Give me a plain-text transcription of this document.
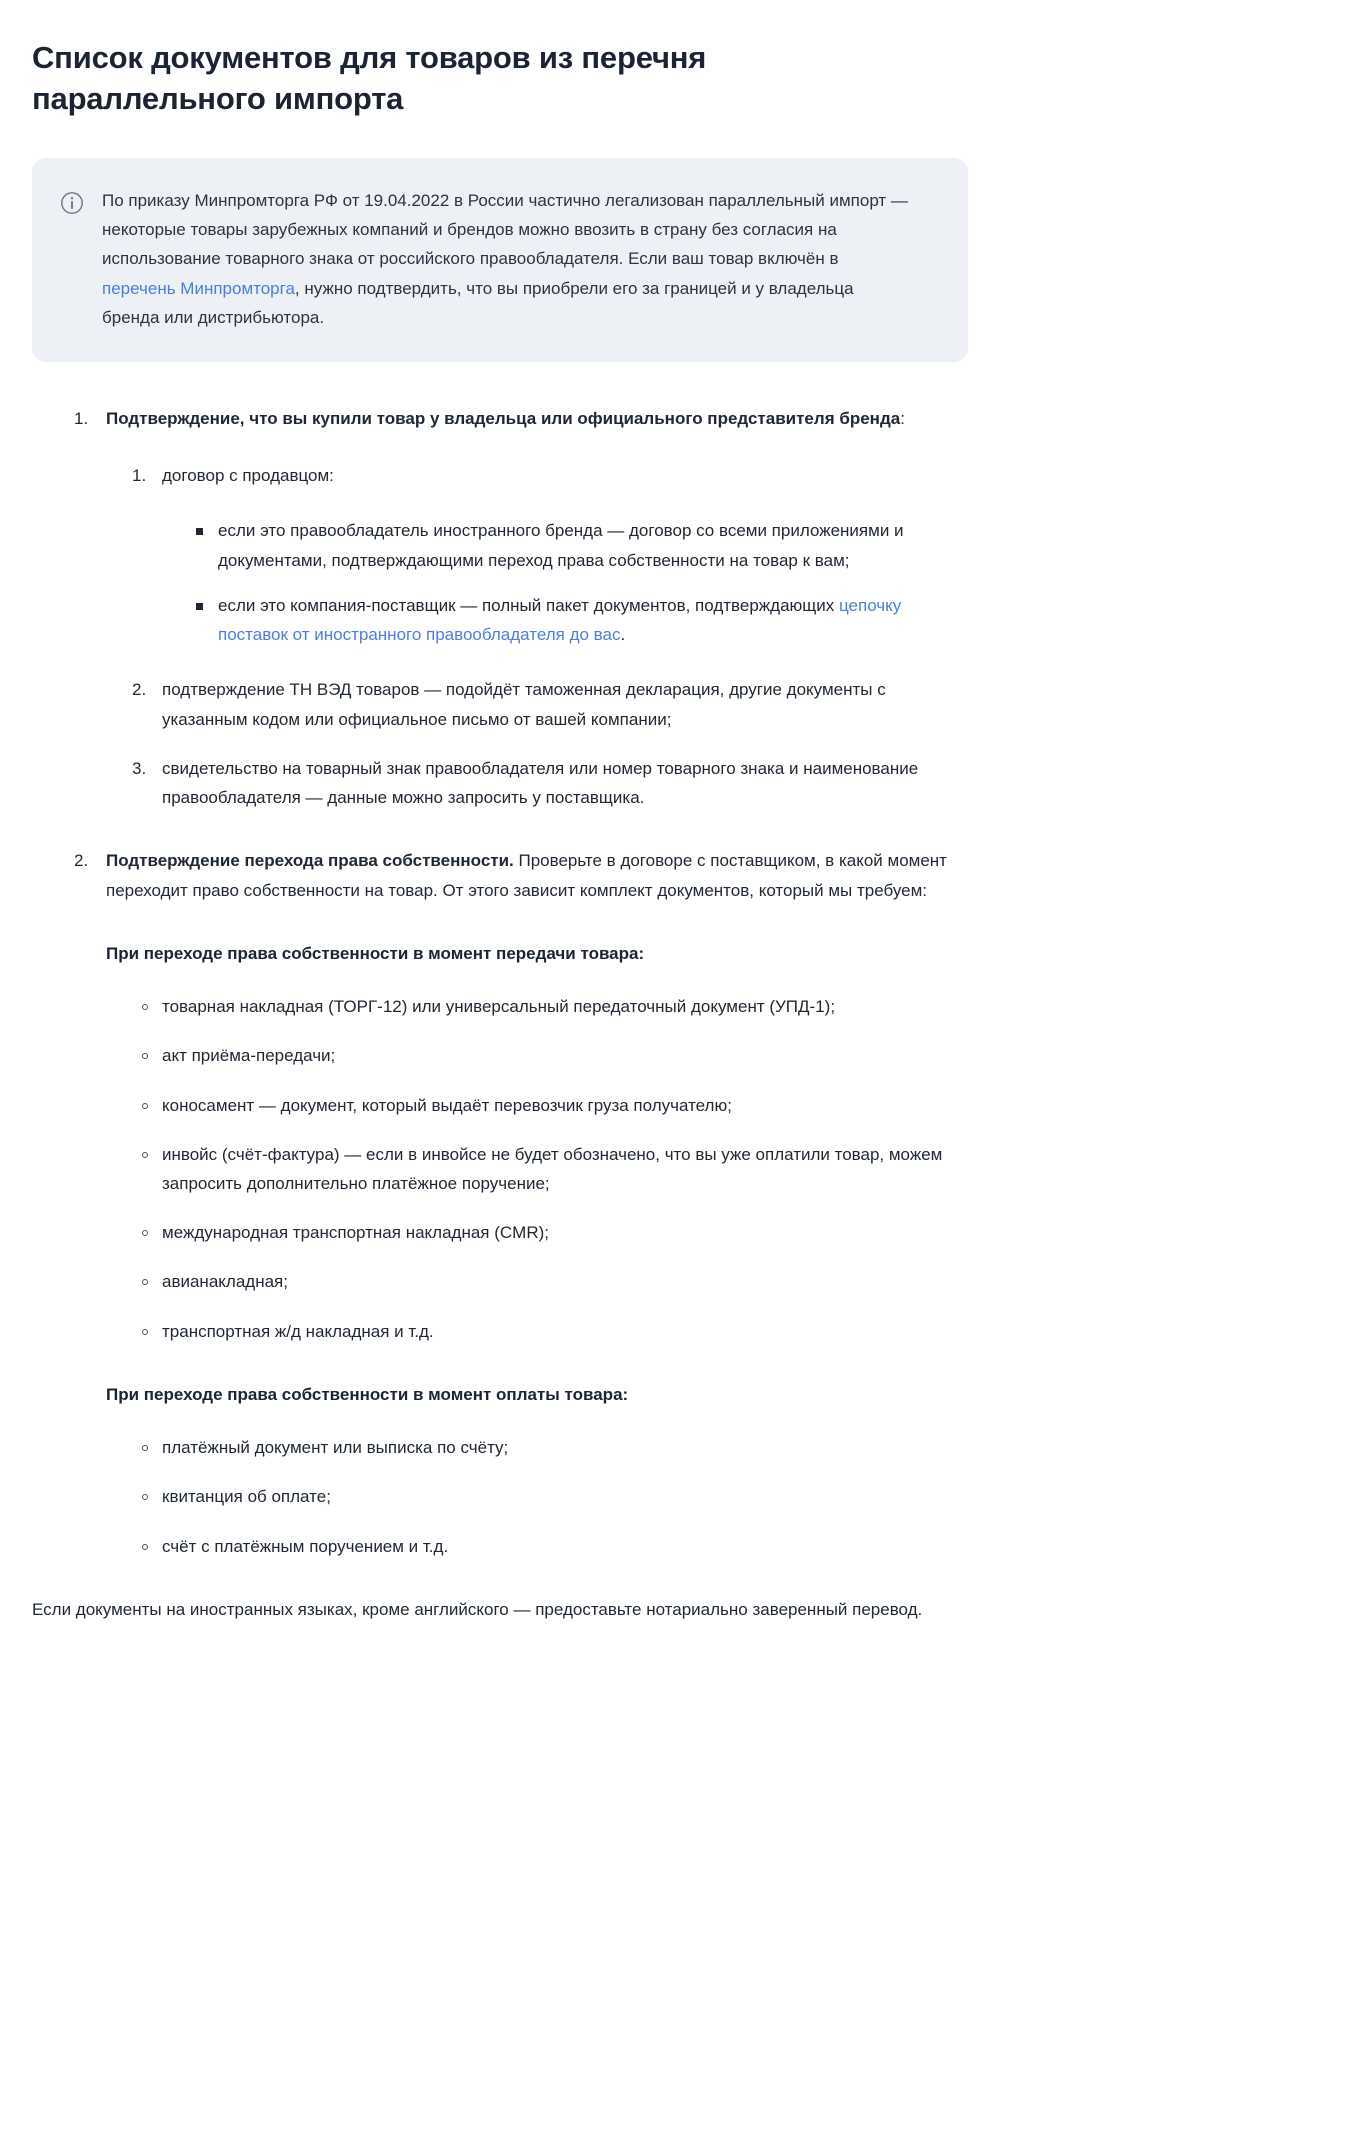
Список документов для товаров из перечня параллельного импорта
По приказу Минпромторга РФ от 19.04.2022 в России частично легализован параллельный импорт — некоторые товары зарубежных компаний и брендов можно ввозить в страну без согласия на использование товарного знака от российского правообладателя. Если ваш товар включён в перечень Минпромторга, нужно подтвердить, что вы приобрели его за границей и у владельца бренда или дистрибьютора.
Подтверждение, что вы купили товар у владельца или официального представителя бренда:
договор с продавцом:
если это правообладатель иностранного бренда — договор со всеми приложениями и документами, подтверждающими переход права собственности на товар к вам;
если это компания-поставщик — полный пакет документов, подтверждающих цепочку поставок от иностранного правообладателя до вас.
подтверждение ТН ВЭД товаров — подойдёт таможенная декларация, другие документы с указанным кодом или официальное письмо от вашей компании;
свидетельство на товарный знак правообладателя или номер товарного знака и наименование правообладателя — данные можно запросить у поставщика.
Подтверждение перехода права собственности. Проверьте в договоре с поставщиком, в какой момент переходит право собственности на товар. От этого зависит комплект документов, который мы требуем:

При переходе права собственности в момент передачи товара:

товарная накладная (ТОРГ-12) или универсальный передаточный документ (УПД-1);
акт приёма-передачи;
коносамент — документ, который выдаёт перевозчик груза получателю;
инвойс (счёт-фактура) — если в инвойсе не будет обозначено, что вы уже оплатили товар, можем запросить дополнительно платёжное поручение;
международная транспортная накладная (CMR);
авианакладная;
транспортная ж/д накладная и т.д.

При переходе права собственности в момент оплаты товара:

платёжный документ или выписка по счёту;
квитанция об оплате;
счёт с платёжным поручением и т.д.

Если документы на иностранных языках, кроме английского — предоставьте нотариально заверенный перевод.
